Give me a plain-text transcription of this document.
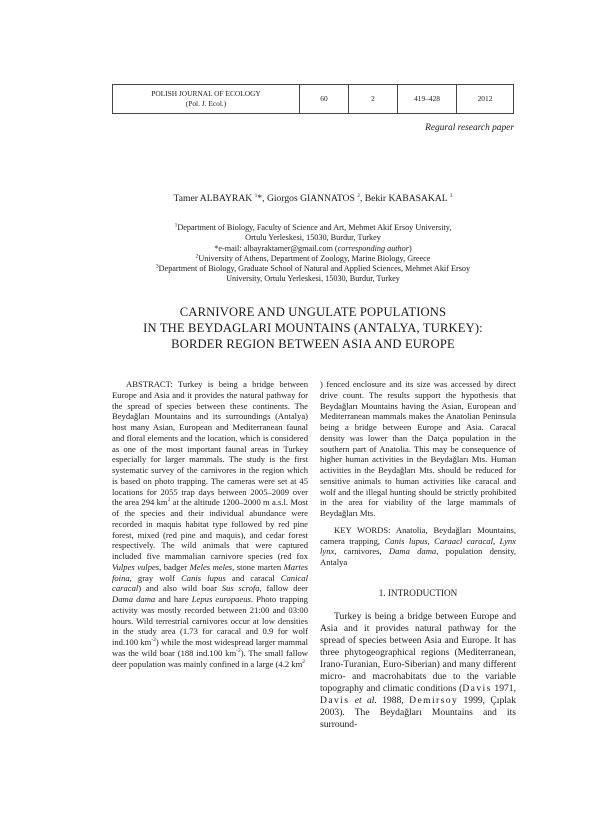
POLISH JOURNAL OF ECOLOGY
(Pol. J. Ecol.)	60	2	419–428	2012
Regural research paper
Tamer ALBAYRAK $^1$*, Giorgos GIANNATOS $^2$, Bekir KABASAKAL $^3$
$^1$Department of Biology, Faculty of Science and Art, Mehmet Akif Ersoy University,
Ortulu Yerleskesi, 15030, Burdur, Turkey
*e-mail: albayraktamer@gmail.com (corresponding author)
$^2$University of Athens, Department of Zoology, Marine Biology, Greece
$^3$Department of Biology, Graduate School of Natural and Applied Sciences, Mehmet Akif Ersoy
University, Ortulu Yerleskesi, 15030, Burdur, Turkey
CARNIVORE AND UNGULATE POPULATIONS
IN THE BEYDAGLARI MOUNTAINS (ANTALYA, TURKEY):
BORDER REGION BETWEEN ASIA AND EUROPE

ABSTRACT: Turkey is being a bridge between Europe and Asia and it provides the natural pathway for the spread of species between these continents. The Beydağları Mountains and its surroundings (Antalya) host many Asian, European and Mediterranean faunal and floral elements and the location, which is considered as one of the most important faunal areas in Turkey especially for larger mammals. The study is the first systematic survey of the carnivores in the region which is based on photo trapping. The cameras were set at 45 locations for 2055 trap days between 2005–2009 over the area 294 $km^2$ at the altitude 1200–2000 m a.s.l. Most of the species and their individual abundance were recorded in maquis habitat type followed by red pine forest, mixed (red pine and maquis), and cedar forest respectively. The wild animals that were captured included five mammalian carnivore species (red fox Vulpes vulpes, badger Meles meles, stone marten Martes foina, gray wolf Canis lupus and caracal Canical caracal) and also wild boar Sus scrofa, fallow deer Dama dama and hare Lepus europaeus. Photo trapping activity was mostly recorded between 21:00 and 03:00 hours. Wild terrestrial carnivores occur at low densities in the study area (1.73 for caracal and 0.9 for wolf ind.100 $km^{-2}$) while the most widespread larger mammal was the wild boar (188 ind.100 $km^{-2}$). The small fallow deer population was mainly confined in a large (4.2 $km^2$

) fenced enclosure and its size was accessed by direct drive count. The results support the hypothesis that Beydağları Mountains having the Asian, European and Mediterranean mammals makes the Anatolian Peninsula being a bridge between Europe and Asia. Caracal density was lower than the Datça population in the southern part of Anatolia. This may be consequence of higher human activities in the Beydağları Mts. Human activities in the Beydağları Mts. should be reduced for sensitive animals to human activities like caracal and wolf and the illegal hunting should be strictly prohibited in the area for viability of the large mammals of Beydağları Mts.

KEY WORDS: Anatolia, Beydağları Mountains, camera trapping, Canis lupus, Caraacl caracal, Lynx lynx, carnivores, Dama dama, population density, Antalya

1. INTRODUCTION

Turkey is being a bridge between Europe and Asia and it provides natural pathway for the spread of species between Asia and Europe. It has three phytogeographical regions (Mediterranean, Irano-Turanian, Euro-Siberian) and many different micro- and macrohabitats due to the variable topography and climatic conditions (Davis 1971, Davis et al. 1988, Demirsoy 1999, Çıplak 2003). The Beydağları Mountains and its surround-
